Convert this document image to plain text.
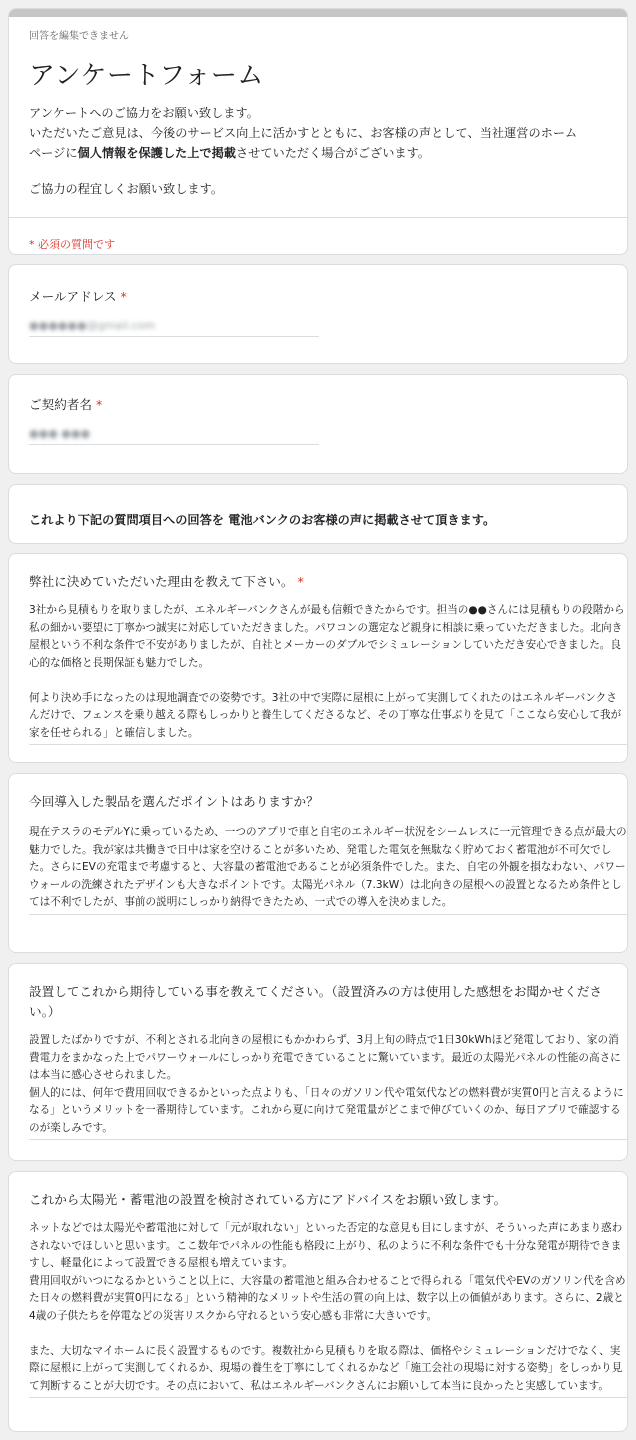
回答を編集できません
アンケートフォーム
アンケートへのご協力をお願い致します。
いただいたご意見は、今後のサービス向上に活かすとともに、お客様の声として、当社運営のホーム
ページに個人情報を保護した上で掲載させていただく場合がございます。
ご協力の程宜しくお願い致します。
* 必須の質問です
メールアドレス *
●●●●●●@gmail.com
ご契約者名 *
●●● ●●●
これより下記の質問項目への回答を 電池バンクのお客様の声に掲載させて頂きます。
弊社に決めていただいた理由を教えて下さい。 *

3社から見積もりを取りましたが、エネルギーバンクさんが最も信頼できたからです。担当の●●さんには見積もりの段階から私の細かい要望に丁寧かつ誠実に対応していただきました。パワコンの選定など親身に相談に乗っていただきました。北向き屋根という不利な条件で不安がありましたが、自社とメーカーのダブルでシミュレーションしていただき安心できました。良心的な価格と長期保証も魅力でした。

何より決め手になったのは現地調査での姿勢です。3社の中で実際に屋根に上がって実測してくれたのはエネルギーバンクさんだけで、フェンスを乗り越える際もしっかりと養生してくださるなど、その丁寧な仕事ぶりを見て「ここなら安心して我が家を任せられる」と確信しました。

今回導入した製品を選んだポイントはありますか？

現在テスラのモデルYに乗っているため、一つのアプリで車と自宅のエネルギー状況をシームレスに一元管理できる点が最大の魅力でした。我が家は共働きで日中は家を空けることが多いため、発電した電気を無駄なく貯めておく蓄電池が不可欠でした。さらにEVの充電まで考慮すると、大容量の蓄電池であることが必須条件でした。また、自宅の外観を損なわない、パワーウォールの洗練されたデザインも大きなポイントです。太陽光パネル（7.3kW）は北向きの屋根への設置となるため条件としては不利でしたが、事前の説明にしっかり納得できたため、一式での導入を決めました。

設置してこれから期待している事を教えてください。（設置済みの方は使用した感想をお聞かせください。）

設置したばかりですが、不利とされる北向きの屋根にもかかわらず、3月上旬の時点で1日30kWhほど発電しており、家の消費電力をまかなった上でパワーウォールにしっかり充電できていることに驚いています。最近の太陽光パネルの性能の高さには本当に感心させられました。

個人的には、何年で費用回収できるかといった点よりも、「日々のガソリン代や電気代などの燃料費が実質0円と言えるようになる」というメリットを一番期待しています。これから夏に向けて発電量がどこまで伸びていくのか、毎日アプリで確認するのが楽しみです。

これから太陽光・蓄電池の設置を検討されている方にアドバイスをお願い致します。

ネットなどでは太陽光や蓄電池に対して「元が取れない」といった否定的な意見も目にしますが、そういった声にあまり惑わされないでほしいと思います。ここ数年でパネルの性能も格段に上がり、私のように不利な条件でも十分な発電が期待できますし、軽量化によって設置できる屋根も増えています。

費用回収がいつになるかということ以上に、大容量の蓄電池と組み合わせることで得られる「電気代やEVのガソリン代を含めた日々の燃料費が実質0円になる」という精神的なメリットや生活の質の向上は、数字以上の価値があります。さらに、2歳と4歳の子供たちを停電などの災害リスクから守れるという安心感も非常に大きいです。

また、大切なマイホームに長く設置するものです。複数社から見積もりを取る際は、価格やシミュレーションだけでなく、実際に屋根に上がって実測してくれるか、現場の養生を丁寧にしてくれるかなど「施工会社の現場に対する姿勢」をしっかり見て判断することが大切です。その点において、私はエネルギーバンクさんにお願いして本当に良かったと実感しています。
